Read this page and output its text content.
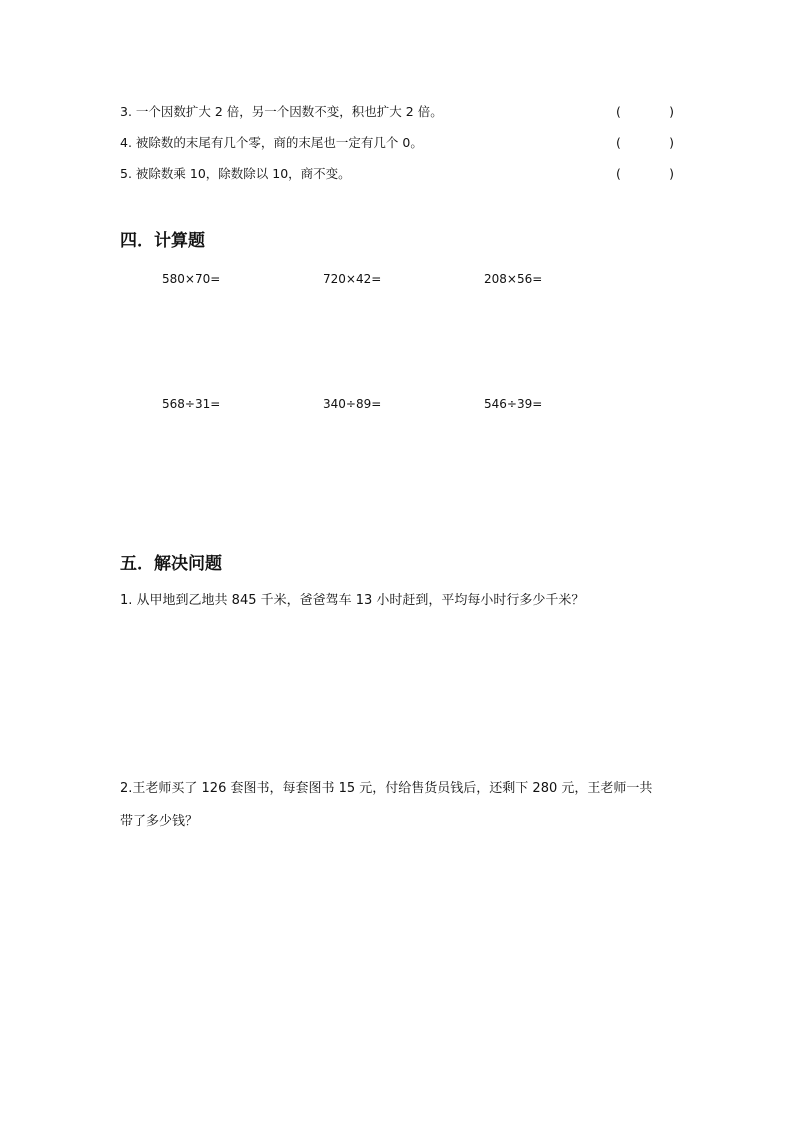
3. 一个因数扩大 2 倍，另一个因数不变，积也扩大 2 倍。	(	)
4. 被除数的末尾有几个零，商的末尾也一定有几个 0。	(	)
5. 被除数乘 10，除数除以 10，商不变。	(	)
四．计算题
580×70=	720×42=	208×56=
568÷31=	340÷89=	546÷39=
五．解决问题
1. 从甲地到乙地共 845 千米，爸爸驾车 13 小时赶到，平均每小时行多少千米？
2.王老师买了 126 套图书，每套图书 15 元，付给售货员钱后，还剩下 280 元，王老师一共
带了多少钱？
